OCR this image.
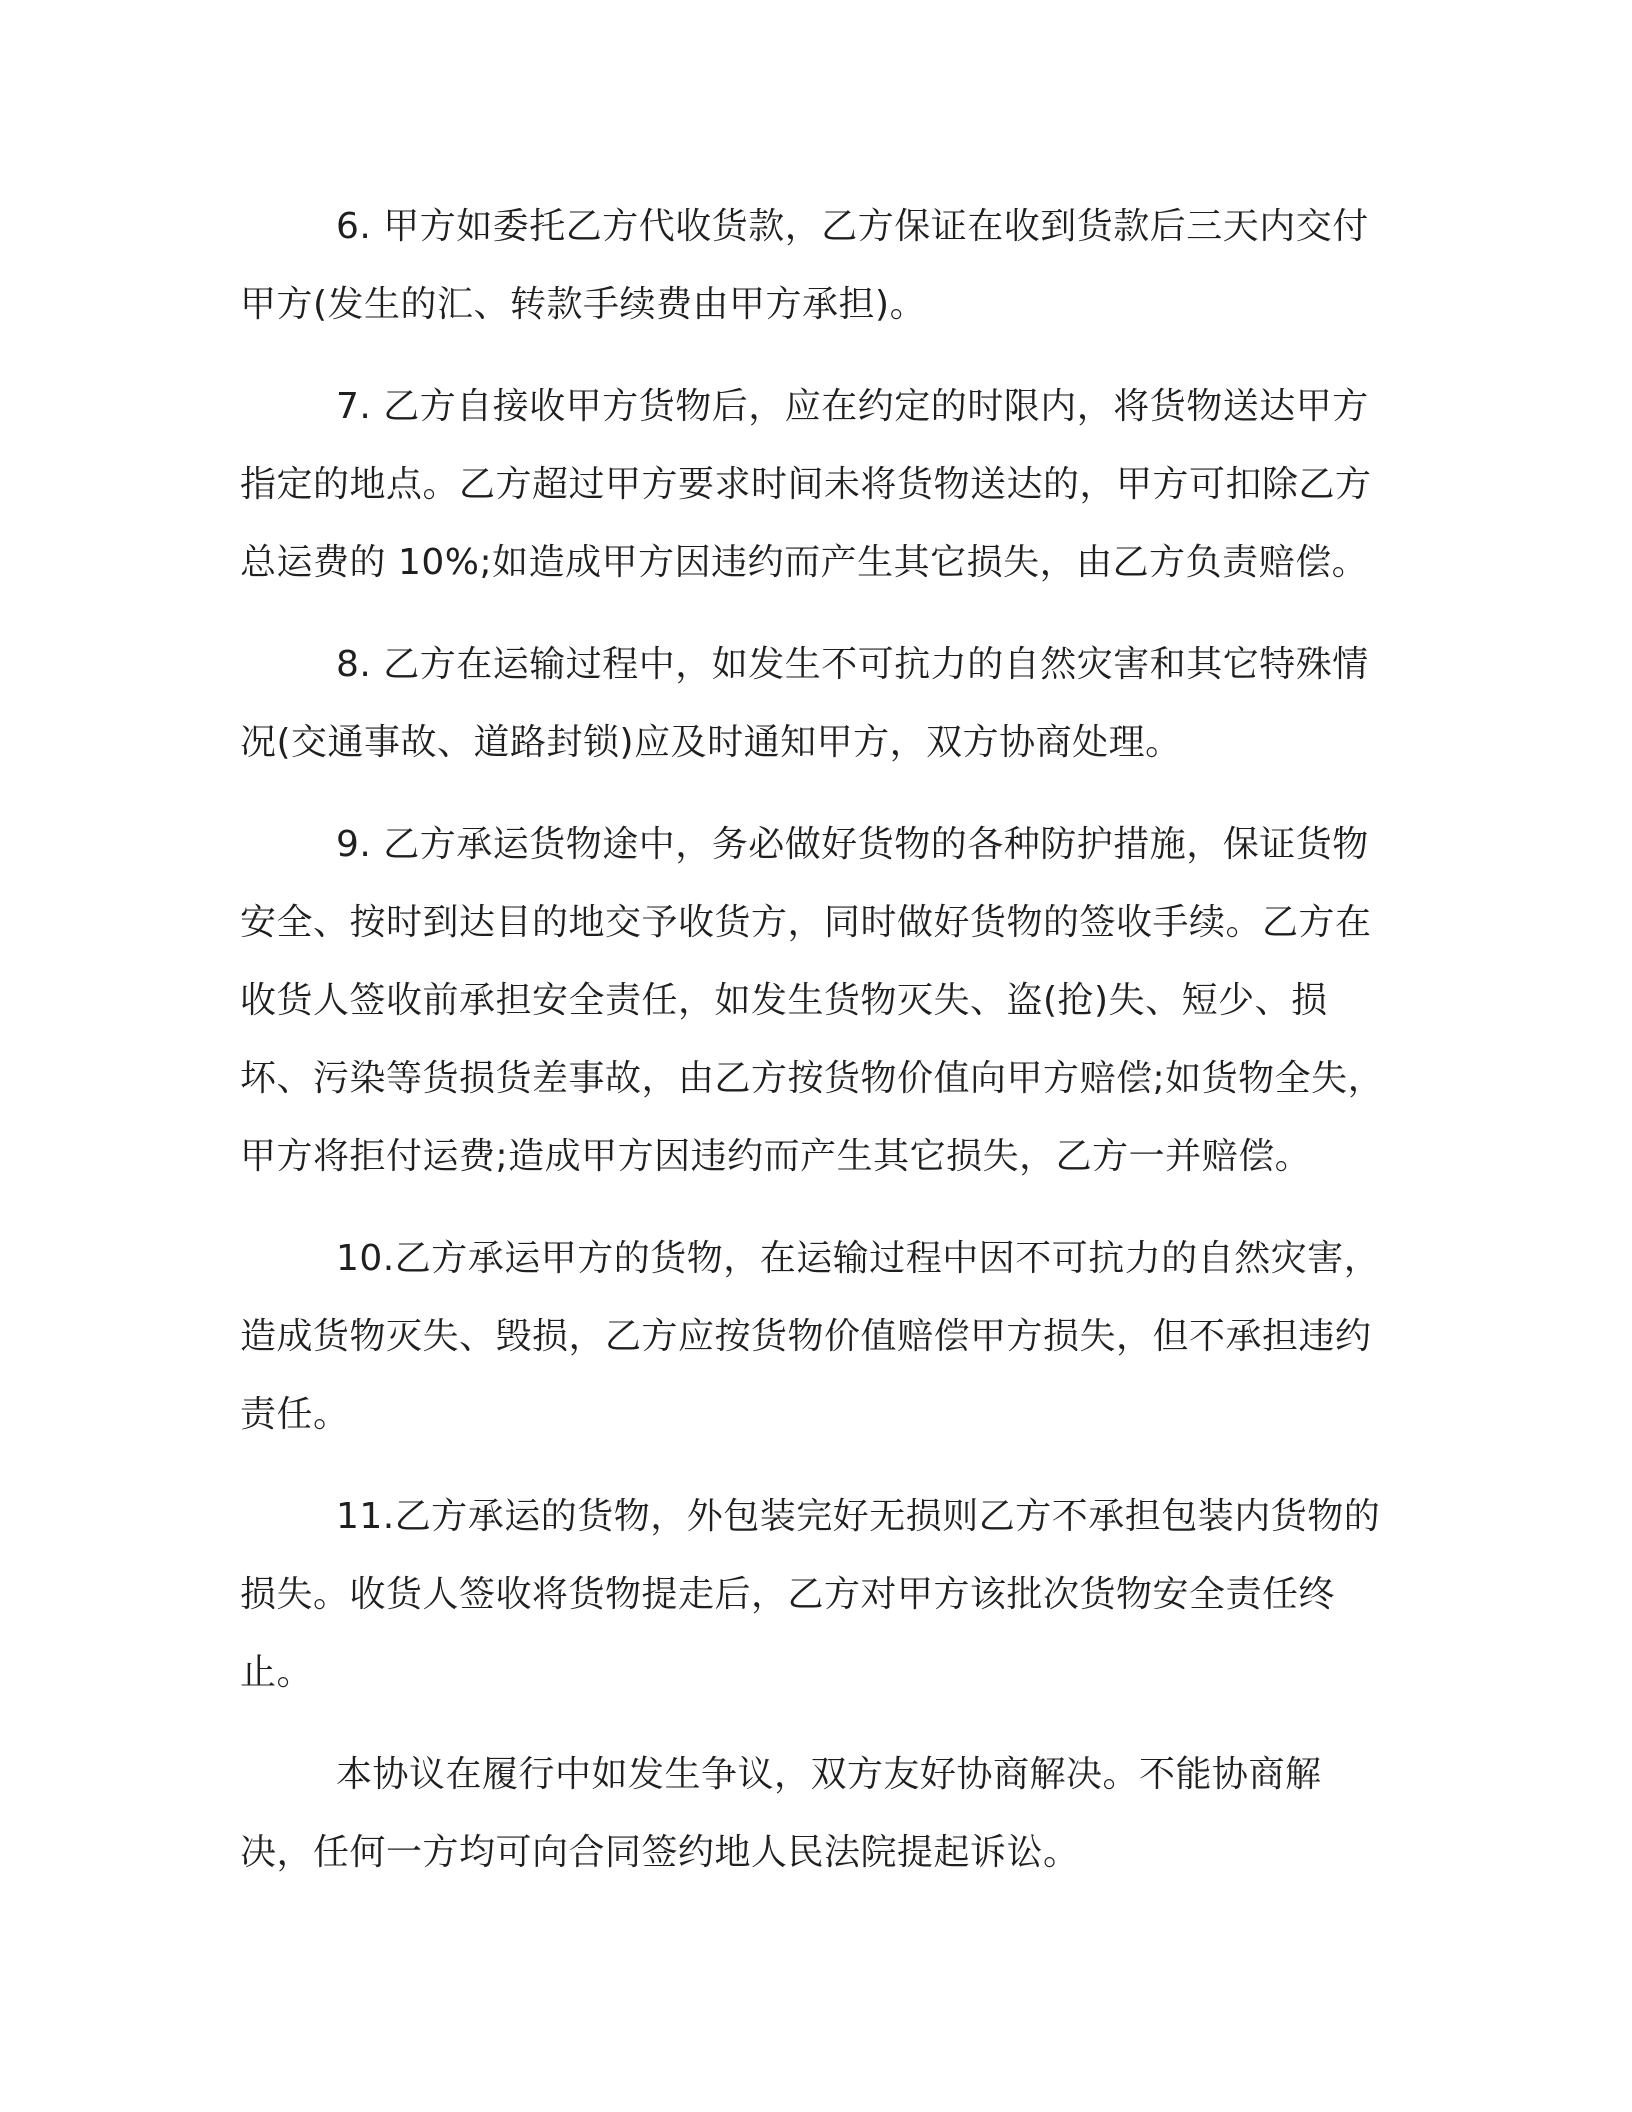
6. 甲方如委托乙方代收货款，乙方保证在收到货款后三天内交付甲方(发生的汇、转款手续费由甲方承担)。

7. 乙方自接收甲方货物后，应在约定的时限内，将货物送达甲方指定的地点。乙方超过甲方要求时间未将货物送达的，甲方可扣除乙方总运费的 10%;如造成甲方因违约而产生其它损失，由乙方负责赔偿。

8. 乙方在运输过程中，如发生不可抗力的自然灾害和其它特殊情况(交通事故、道路封锁)应及时通知甲方，双方协商处理。

9. 乙方承运货物途中，务必做好货物的各种防护措施，保证货物安全、按时到达目的地交予收货方，同时做好货物的签收手续。乙方在收货人签收前承担安全责任，如发生货物灭失、盗(抢)失、短少、损坏、污染等货损货差事故，由乙方按货物价值向甲方赔偿;如货物全失，甲方将拒付运费;造成甲方因违约而产生其它损失，乙方一并赔偿。

10.乙方承运甲方的货物，在运输过程中因不可抗力的自然灾害，造成货物灭失、毁损，乙方应按货物价值赔偿甲方损失，但不承担违约责任。

11.乙方承运的货物，外包装完好无损则乙方不承担包装内货物的损失。收货人签收将货物提走后，乙方对甲方该批次货物安全责任终止。

本协议在履行中如发生争议，双方友好协商解决。不能协商解决，任何一方均可向合同签约地人民法院提起诉讼。
